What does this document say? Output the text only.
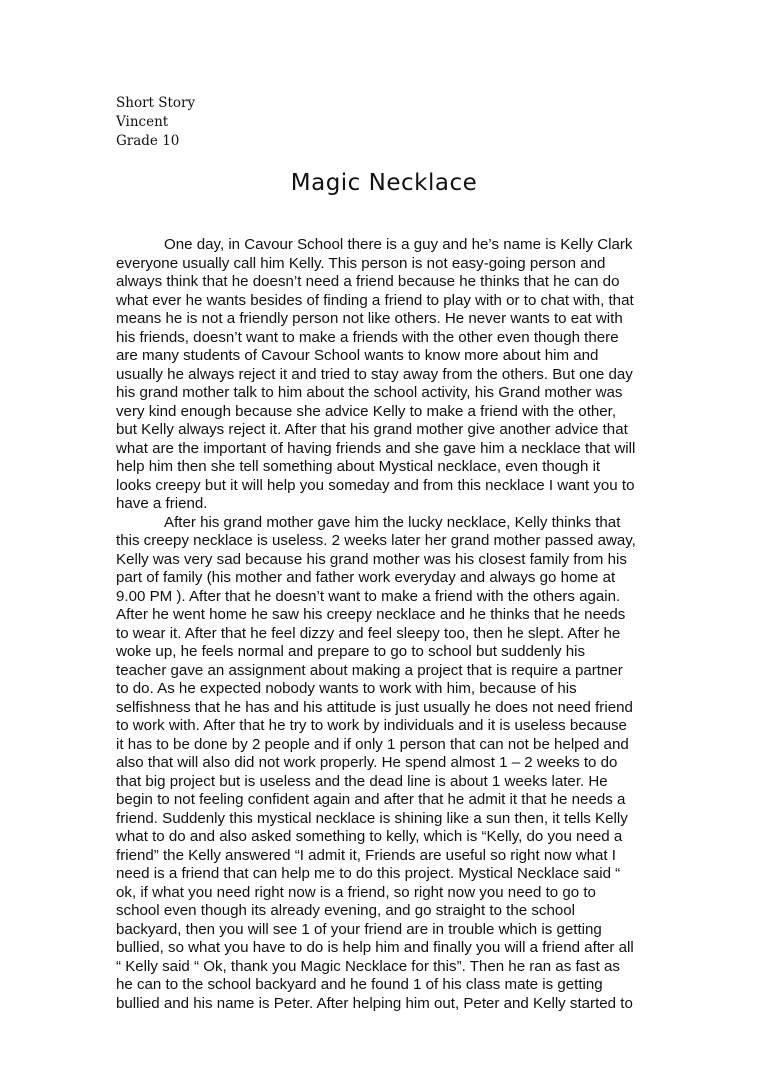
Short Story
Vincent
Grade 10
Magic Necklace
One day, in Cavour School there is a guy and he’s name is Kelly Clark
everyone usually call him Kelly. This person is not easy-going person and
always think that he doesn’t need a friend because he thinks that he can do
what ever he wants besides of finding a friend to play with or to chat with, that
means he is not a friendly person not like others. He never wants to eat with
his friends, doesn’t want to make a friends with the other even though there
are many students of Cavour School wants to know more about him and
usually he always reject it and tried to stay away from the others. But one day
his grand mother talk to him about the school activity, his Grand mother was
very kind enough because she advice Kelly to make a friend with the other,
but Kelly always reject it. After that his grand mother give another advice that
what are the important of having friends and she gave him a necklace that will
help him then she tell something about Mystical necklace, even though it
looks creepy but it will help you someday and from this necklace I want you to
have a friend.
After his grand mother gave him the lucky necklace, Kelly thinks that
this creepy necklace is useless. 2 weeks later her grand mother passed away,
Kelly was very sad because his grand mother was his closest family from his
part of family (his mother and father work everyday and always go home at
9.00 PM ). After that he doesn’t want to make a friend with the others again.
After he went home he saw his creepy necklace and he thinks that he needs
to wear it. After that he feel dizzy and feel sleepy too, then he slept. After he
woke up, he feels normal and prepare to go to school but suddenly his
teacher gave an assignment about making a project that is require a partner
to do. As he expected nobody wants to work with him, because of his
selfishness that he has and his attitude is just usually he does not need friend
to work with. After that he try to work by individuals and it is useless because
it has to be done by 2 people and if only 1 person that can not be helped and
also that will also did not work properly. He spend almost 1 – 2 weeks to do
that big project but is useless and the dead line is about 1 weeks later. He
begin to not feeling confident again and after that he admit it that he needs a
friend. Suddenly this mystical necklace is shining like a sun then, it tells Kelly
what to do and also asked something to kelly, which is “Kelly, do you need a
friend” the Kelly answered “I admit it, Friends are useful so right now what I
need is a friend that can help me to do this project. Mystical Necklace said “
ok, if what you need right now is a friend, so right now you need to go to
school even though its already evening, and go straight to the school
backyard, then you will see 1 of your friend are in trouble which is getting
bullied, so what you have to do is help him and finally you will a friend after all
“ Kelly said “ Ok, thank you Magic Necklace for this”. Then he ran as fast as
he can to the school backyard and he found 1 of his class mate is getting
bullied and his name is Peter. After helping him out, Peter and Kelly started to
